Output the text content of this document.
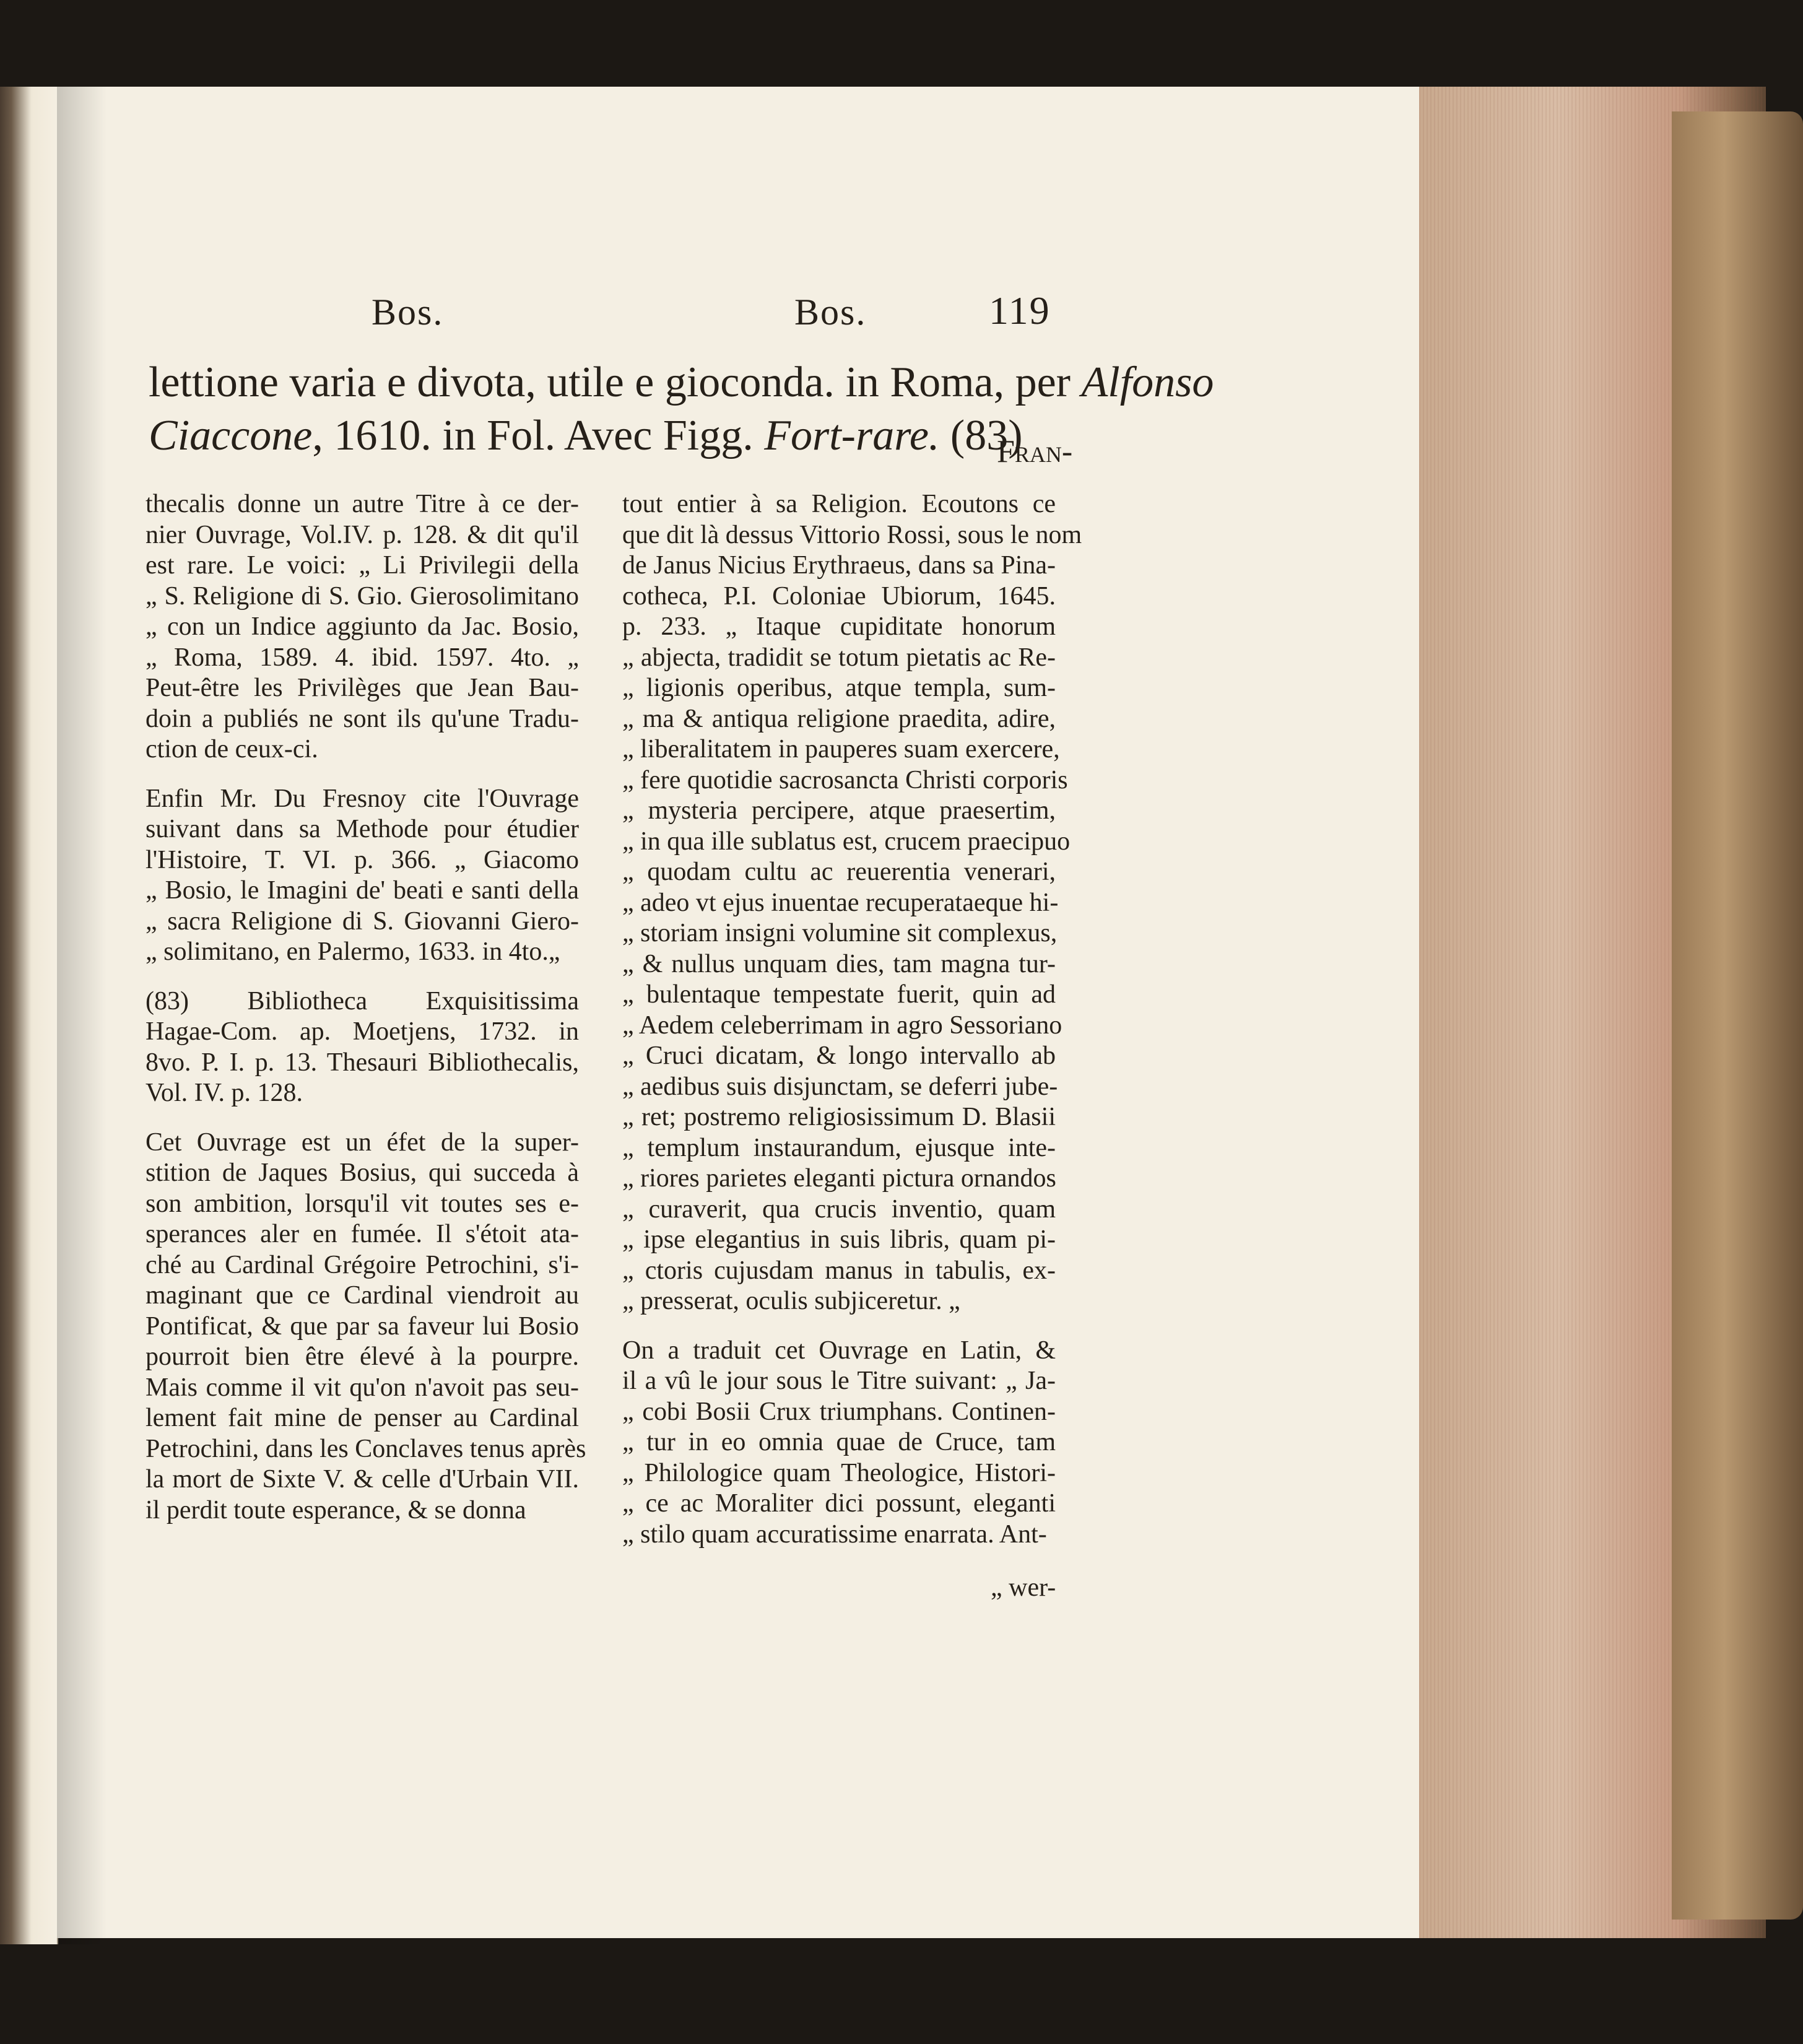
Bos.	Bos.	119
lettione varia e divota, utile e gioconda. in Roma, per Alfonso
Ciaccone, 1610. in Fol. Avec Figg. Fort-rare. (83)
Fran-
thecalis donne un autre Titre à ce der-
nier Ouvrage, Vol.IV. p. 128. & dit qu'il
est rare. Le voici: „ Li Privilegii della
„ S. Religione di S. Gio. Gierosolimitano
„ con un Indice aggiunto da Jac. Bosio,
„ Roma, 1589. 4. ibid. 1597. 4to. „
Peut-être les Privilèges que Jean Bau-
doin a publiés ne sont ils qu'une Tradu-
ction de ceux-ci.
Enfin Mr. Du Fresnoy cite l'Ouvrage
suivant dans sa Methode pour étudier
l'Histoire, T. VI. p. 366. „ Giacomo
„ Bosio, le Imagini de' beati e santi della
„ sacra Religione di S. Giovanni Giero-
„ solimitano, en Palermo, 1633. in 4to.„
(83) Bibliotheca Exquisitissima
Hagae-Com. ap. Moetjens, 1732. in
8vo. P. I. p. 13. Thesauri Bibliothecalis,
Vol. IV. p. 128.
Cet Ouvrage est un éfet de la super-
stition de Jaques Bosius, qui succeda à
son ambition, lorsqu'il vit toutes ses e-
sperances aler en fumée. Il s'étoit ata-
ché au Cardinal Grégoire Petrochini, s'i-
maginant que ce Cardinal viendroit au
Pontificat, & que par sa faveur lui Bosio
pourroit bien être élevé à la pourpre.
Mais comme il vit qu'on n'avoit pas seu-
lement fait mine de penser au Cardinal
Petrochini, dans les Conclaves tenus après
la mort de Sixte V. & celle d'Urbain VII.
il perdit toute esperance, & se donna
tout entier à sa Religion. Ecoutons ce
que dit là dessus Vittorio Rossi, sous le nom
de Janus Nicius Erythraeus, dans sa Pina-
cotheca, P.I. Coloniae Ubiorum, 1645.
p. 233. „ Itaque cupiditate honorum
„ abjecta, tradidit se totum pietatis ac Re-
„ ligionis operibus, atque templa, sum-
„ ma & antiqua religione praedita, adire,
„ liberalitatem in pauperes suam exercere,
„ fere quotidie sacrosancta Christi corporis
„ mysteria percipere, atque praesertim,
„ in qua ille sublatus est, crucem praecipuo
„ quodam cultu ac reuerentia venerari,
„ adeo vt ejus inuentae recuperataeque hi-
„ storiam insigni volumine sit complexus,
„ & nullus unquam dies, tam magna tur-
„ bulentaque tempestate fuerit, quin ad
„ Aedem celeberrimam in agro Sessoriano
„ Cruci dicatam, & longo intervallo ab
„ aedibus suis disjunctam, se deferri jube-
„ ret; postremo religiosissimum D. Blasii
„ templum instaurandum, ejusque inte-
„ riores parietes eleganti pictura ornandos
„ curaverit, qua crucis inventio, quam
„ ipse elegantius in suis libris, quam pi-
„ ctoris cujusdam manus in tabulis, ex-
„ presserat, oculis subjiceretur. „
On a traduit cet Ouvrage en Latin, &
il a vû le jour sous le Titre suivant: „ Ja-
„ cobi Bosii Crux triumphans. Continen-
„ tur in eo omnia quae de Cruce, tam
„ Philologice quam Theologice, Histori-
„ ce ac Moraliter dici possunt, eleganti
„ stilo quam accuratissime enarrata. Ant-
„ wer-
